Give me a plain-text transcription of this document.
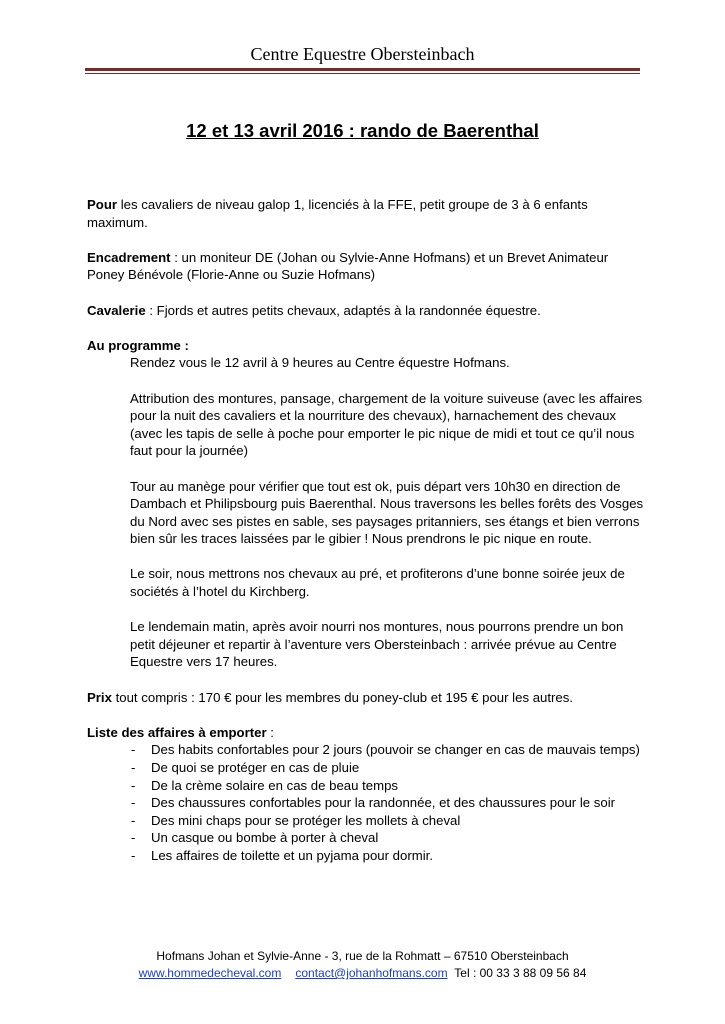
Centre Equestre Obersteinbach
12 et 13 avril 2016 : rando de Baerenthal

Pour les cavaliers de niveau galop 1, licenciés à la FFE, petit groupe de 3 à 6 enfants maximum.

Encadrement : un moniteur DE (Johan ou Sylvie-Anne Hofmans) et un Brevet Animateur Poney Bénévole (Florie-Anne ou Suzie Hofmans)

Cavalerie : Fjords et autres petits chevaux, adaptés à la randonnée équestre.

Au programme :

Rendez vous le 12 avril à 9 heures au Centre équestre Hofmans.

Attribution des montures, pansage, chargement de la voiture suiveuse (avec les affaires pour la nuit des cavaliers et la nourriture des chevaux), harnachement des chevaux (avec les tapis de selle à poche pour emporter le pic nique de midi et tout ce qu’il nous faut pour la journée)

Tour au manège pour vérifier que tout est ok, puis départ vers 10h30 en direction de Dambach et Philipsbourg puis Baerenthal. Nous traversons les belles forêts des Vosges du Nord avec ses pistes en sable, ses paysages pritanniers, ses étangs et bien verrons bien sûr les traces laissées par le gibier ! Nous prendrons le pic nique en route.

Le soir, nous mettrons nos chevaux au pré, et profiterons d’une bonne soirée jeux de sociétés à l’hotel du Kirchberg.

Le lendemain matin, après avoir nourri nos montures, nous pourrons prendre un bon petit déjeuner et repartir à l’aventure vers Obersteinbach : arrivée prévue au Centre Equestre vers 17 heures.

Prix tout compris : 170 € pour les membres du poney-club et 195 € pour les autres.

Liste des affaires à emporter :

- Des habits confortables pour 2 jours (pouvoir se changer en cas de mauvais temps)
- De quoi se protéger en cas de pluie
- De la crème solaire en cas de beau temps
- Des chaussures confortables pour la randonnée, et des chaussures pour le soir
- Des mini chaps pour se protéger les mollets à cheval
- Un casque ou bombe à porter à cheval
- Les affaires de toilette et un pyjama pour dormir.
Hofmans Johan et Sylvie-Anne - 3, rue de la Rohmatt – 67510 Obersteinbach
www.hommedecheval.com contact@johanhofmans.com Tel : 00 33 3 88 09 56 84
